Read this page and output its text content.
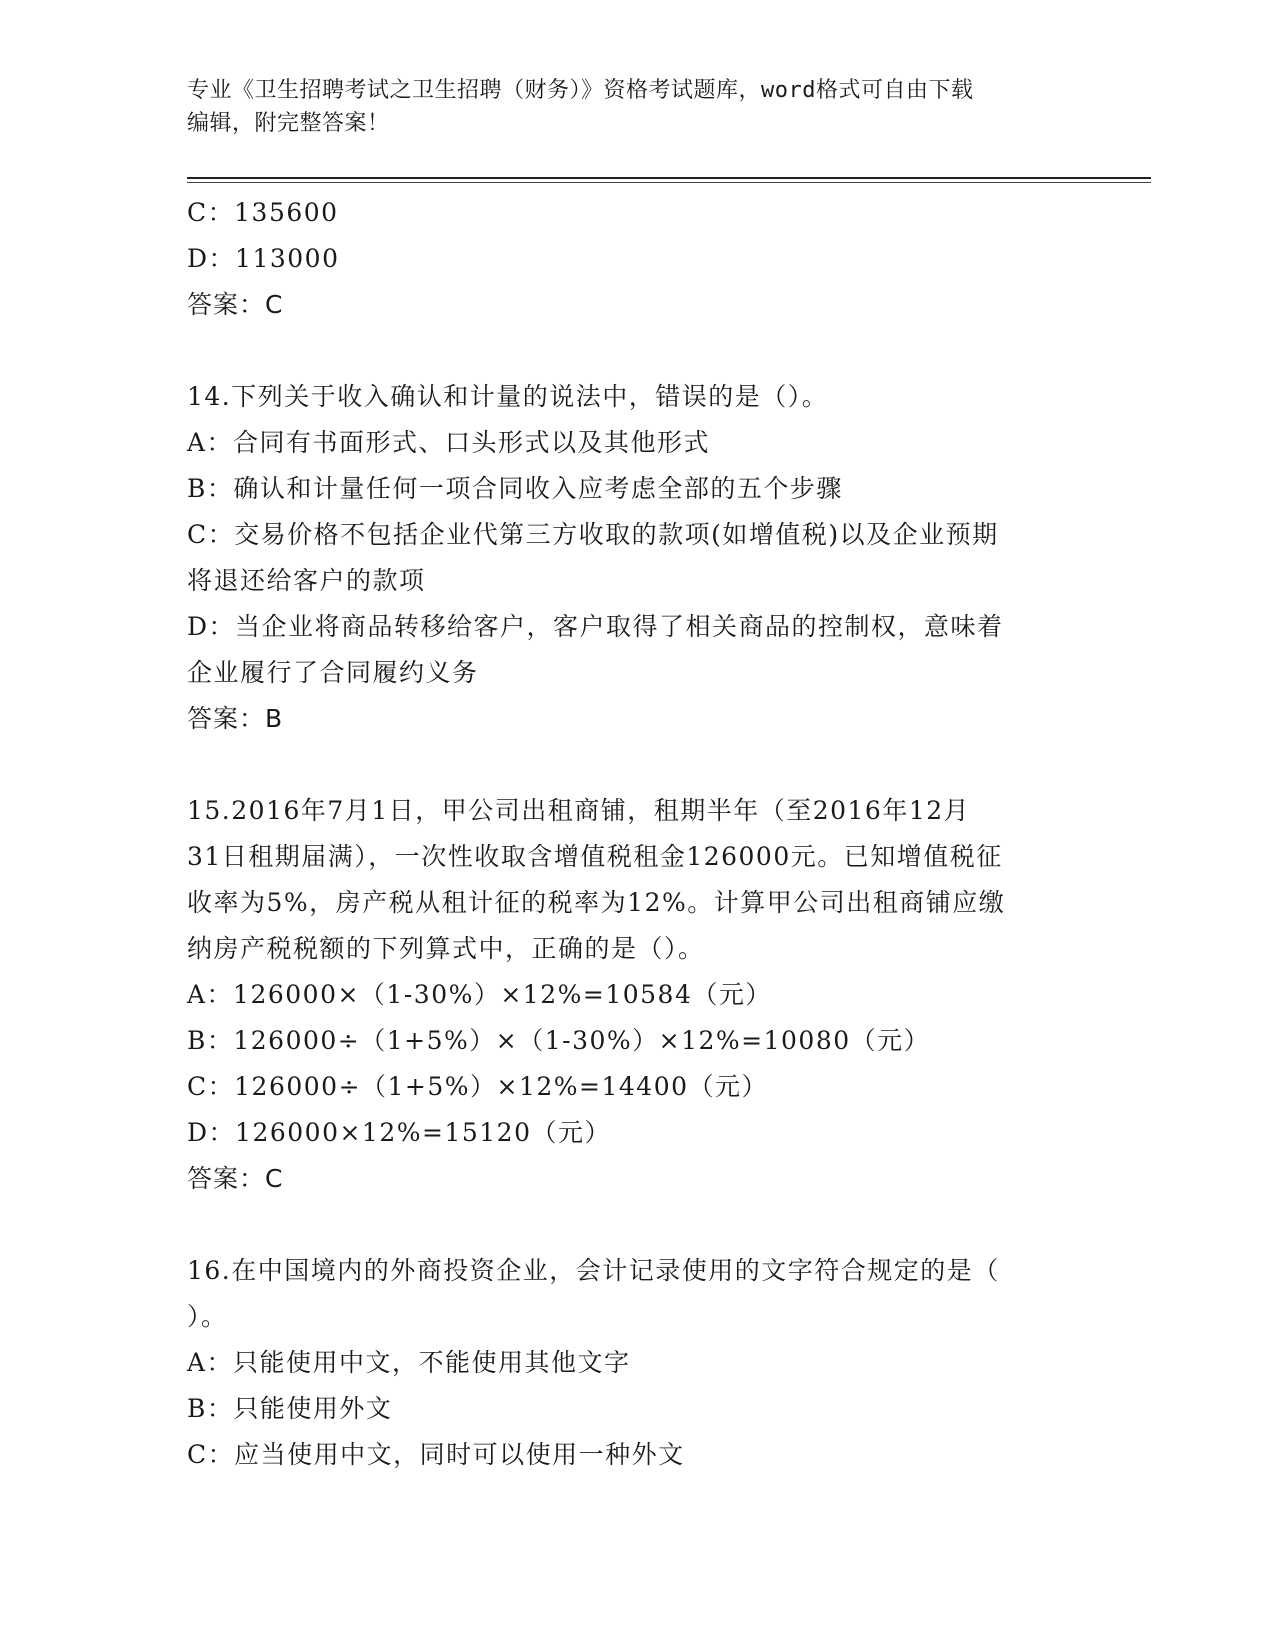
专业《卫生招聘考试之卫生招聘（财务）》资格考试题库，word格式可自由下载
编辑，附完整答案！
C：135600
D：113000
答案：C
14.下列关于收入确认和计量的说法中，错误的是（）。
A：合同有书面形式、口头形式以及其他形式
B：确认和计量任何一项合同收入应考虑全部的五个步骤
C：交易价格不包括企业代第三方收取的款项(如增值税)以及企业预期
将退还给客户的款项
D：当企业将商品转移给客户，客户取得了相关商品的控制权，意味着
企业履行了合同履约义务
答案：B
15.2016年7月1日，甲公司出租商铺，租期半年（至2016年12月
31日租期届满），一次性收取含增值税租金126000元。已知增值税征
收率为5%，房产税从租计征的税率为12%。计算甲公司出租商铺应缴
纳房产税税额的下列算式中，正确的是（）。
A：126000×（1-30%）×12%=10584（元）
B：126000÷（1+5%）×（1-30%）×12%=10080（元）
C：126000÷（1+5%）×12%=14400（元）
D：126000×12%=15120（元）
答案：C
16.在中国境内的外商投资企业，会计记录使用的文字符合规定的是（
）。
A：只能使用中文，不能使用其他文字
B：只能使用外文
C：应当使用中文，同时可以使用一种外文
